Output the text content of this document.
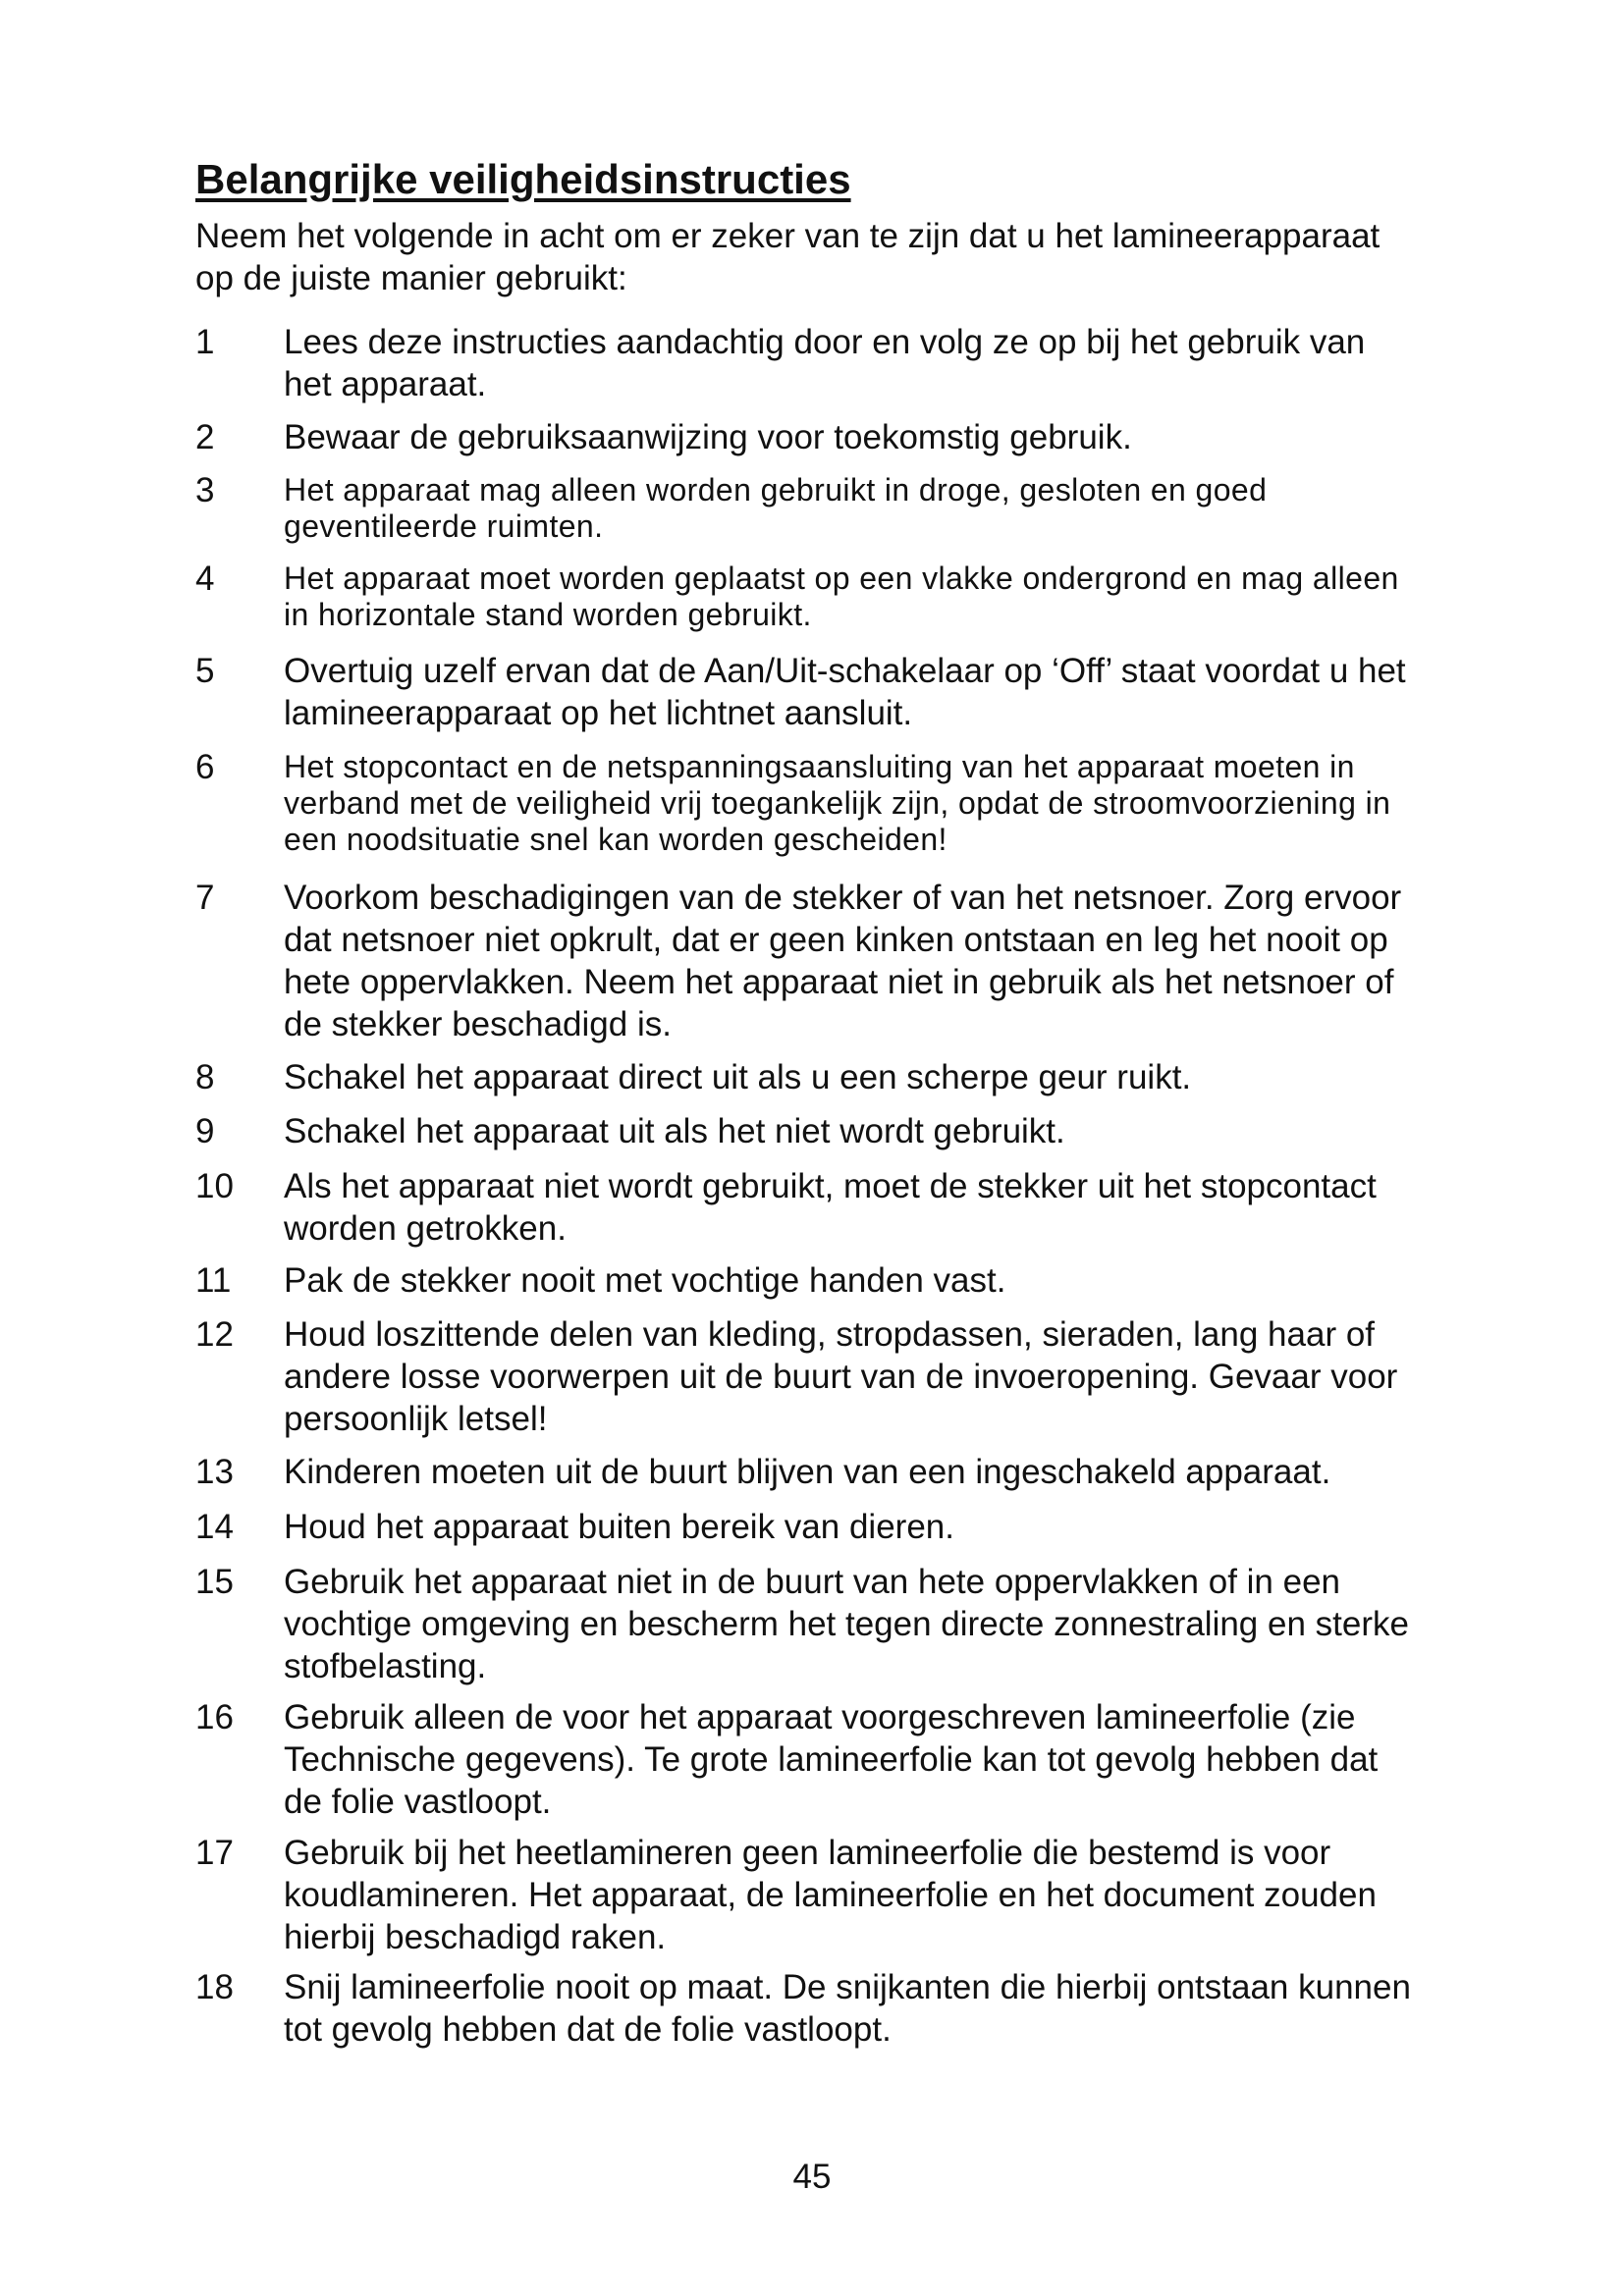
Belangrijke veiligheidsinstructies

Neem het volgende in acht om er zeker van te zijn dat u het lamineerapparaat op de juiste manier gebruikt:

1	Lees deze instructies aandachtig door en volg ze op bij het gebruik van het apparaat.
2	Bewaar de gebruiksaanwijzing voor toekomstig gebruik.
3	Het apparaat mag alleen worden gebruikt in droge, gesloten en goed geventileerde ruimten.
4	Het apparaat moet worden geplaatst op een vlakke ondergrond en mag alleen in horizontale stand worden gebruikt.
5	Overtuig uzelf ervan dat de Aan/Uit-schakelaar op ‘Off’ staat voordat u het lamineerapparaat op het lichtnet aansluit.
6	Het stopcontact en de netspanningsaansluiting van het apparaat moeten in verband met de veiligheid vrij toegankelijk zijn, opdat de stroomvoorziening in een noodsituatie snel kan worden gescheiden!
7	Voorkom beschadigingen van de stekker of van het netsnoer. Zorg ervoor dat netsnoer niet opkrult, dat er geen kinken ontstaan en leg het nooit op hete oppervlakken. Neem het apparaat niet in gebruik als het netsnoer of de stekker beschadigd is.
8	Schakel het apparaat direct uit als u een scherpe geur ruikt.
9	Schakel het apparaat uit als het niet wordt gebruikt.
10	Als het apparaat niet wordt gebruikt, moet de stekker uit het stopcontact worden getrokken.
11	Pak de stekker nooit met vochtige handen vast.
12	Houd loszittende delen van kleding, stropdassen, sieraden, lang haar of andere losse voorwerpen uit de buurt van de invoeropening. Gevaar voor persoonlijk letsel!
13	Kinderen moeten uit de buurt blijven van een ingeschakeld apparaat.
14	Houd het apparaat buiten bereik van dieren.
15	Gebruik het apparaat niet in de buurt van hete oppervlakken of in een vochtige omgeving en bescherm het tegen directe zonnestraling en sterke stofbelasting.
16	Gebruik alleen de voor het apparaat voorgeschreven lamineerfolie (zie Technische gegevens). Te grote lamineerfolie kan tot gevolg hebben dat de folie vastloopt.
17	Gebruik bij het heetlamineren geen lamineerfolie die bestemd is voor koudlamineren. Het apparaat, de lamineerfolie en het document zouden hierbij beschadigd raken.
18	Snij lamineerfolie nooit op maat. De snijkanten die hierbij ontstaan kunnen tot gevolg hebben dat de folie vastloopt.
45
